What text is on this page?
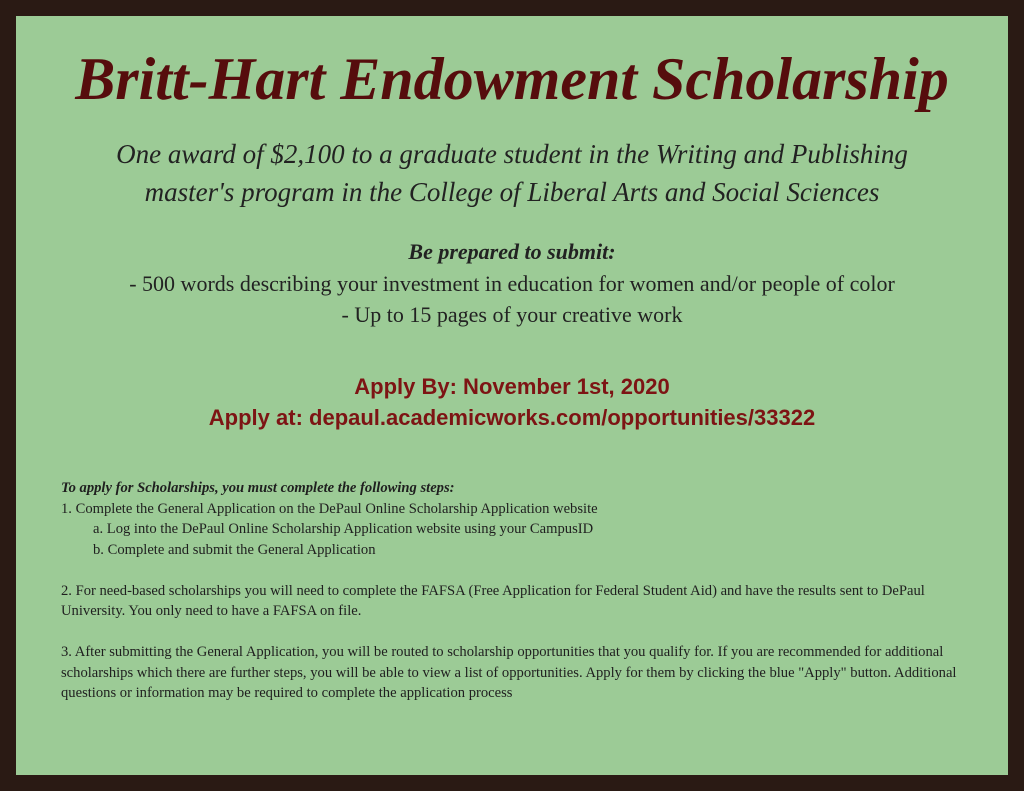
Britt-Hart Endowment Scholarship
One award of $2,100 to a graduate student in the Writing and Publishing
master's program in the College of Liberal Arts and Social Sciences
Be prepared to submit:
- 500 words describing your investment in education for women and/or people of color
- Up to 15 pages of your creative work
Apply By: November 1st, 2020
Apply at: depaul.academicworks.com/opportunities/33322

To apply for Scholarships, you must complete the following steps:

1. Complete the General Application on the DePaul Online Scholarship Application website

a. Log into the DePaul Online Scholarship Application website using your CampusID

b. Complete and submit the General Application

2. For need-based scholarships you will need to complete the FAFSA (Free Application for Federal Student Aid) and have the results sent to DePaul University. You only need to have a FAFSA on file.

3. After submitting the General Application, you will be routed to scholarship opportunities that you qualify for. If you are recommended for additional scholarships which there are further steps, you will be able to view a list of opportunities. Apply for them by clicking the blue "Apply" button. Additional questions or information may be required to complete the application process
